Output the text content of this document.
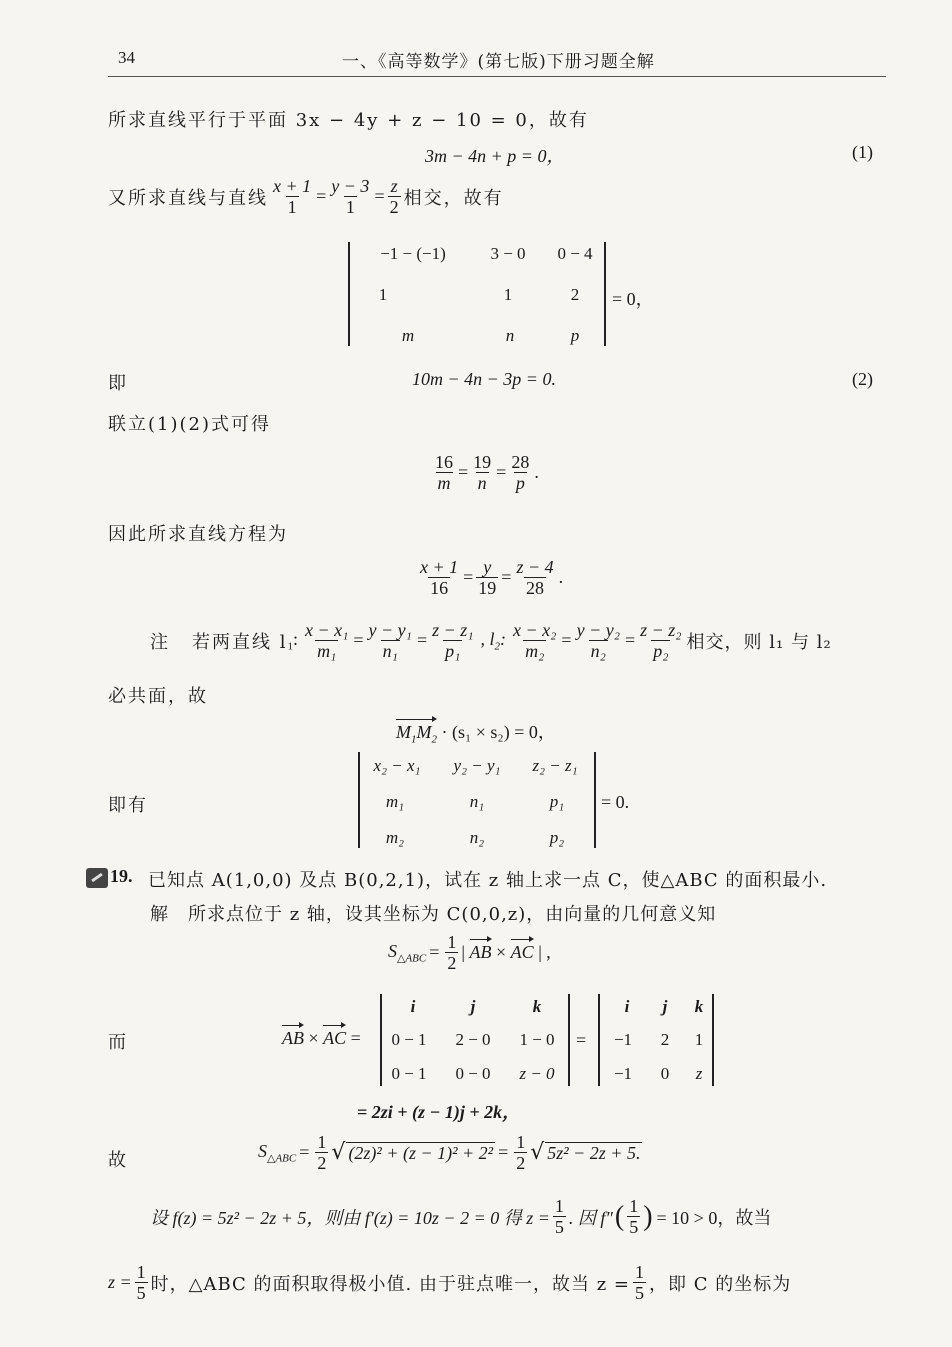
34	一、《高等数学》(第七版)下册习题全解
所求直线平行于平面 3x − 4y + z − 10 = 0，故有
3m − 4n + p = 0，	(1)
又所求直线与直线 $\frac{x + 1}{1} = \frac{y - 3}{1} = \frac{z}{2}$ 相交，故有
−1 − (−1)	3 − 0	0 − 4
1	1	2
m	n	p
= 0，
即	10m − 4n − 3p = 0.	(2)
联立(1)(2)式可得
$\frac{16}{m} = \frac{19}{n} = \frac{28}{p}$ .
因此所求直线方程为
$\frac{x + 1}{16} = \frac{y}{19} = \frac{z - 4}{28}$ .
注 若两直线 l $_1$: $\frac{\text{x − x₁}}{\text{m₁}} = \frac{\text{y − y₁}}{\text{n₁}} = \frac{\text{z − z₁}}{\text{p₁}}$ , $l_2$: $\frac{\text{x − x₂}}{\text{m₂}} = \frac{\text{y − y₂}}{\text{n₂}} = \frac{\text{z − z₂}}{\text{p₂}}$ 相交，则 l₁ 与 l₂
必共面，故
$M_1M_2 \cdot (s_1 \times s_2) = 0$，
即有
x₂ − x₁	y₂ − y₁	z₂ − z₁
m₁	n₁	p₁
m₂	n₂	p₂
= 0.
19. 已知点 A(1,0,0) 及点 B(0,2,1)，试在 z 轴上求一点 C，使△ABC 的面积最小.
解 所求点位于 z 轴，设其坐标为 C(0,0,z)，由向量的几何意义知
$S_{\triangle ABC} = \frac{1}{2}$ | AB × AC | ,
而	AB × AC =
i	j	k
0 − 1	2 − 0	1 − 0
0 − 1	0 − 0	z − 0
=
i	j	k
−1	2	1
−1	0	z
= 2zi + (z − 1)j + 2k，
故	$S_{\triangle ABC} = \frac{1}{2}$ √ $(2z)^2 + (z - 1)^2 + 2^2 = \frac{1}{2}$ √ 5z² − 2z + 5.
设 f(z) = 5z² − 2z + 5，则由 f′(z) = 10z − 2 = 0 得 $z = \frac{1}{5}$ . 因 f″ ( $\frac{1}{5}$ ) = 10 > 0，故当
$z = \frac{1}{5}$ 时，△ABC 的面积取得极小值. 由于驻点唯一，故当 $z = \frac{1}{5}$ ，即 C 的坐标为
